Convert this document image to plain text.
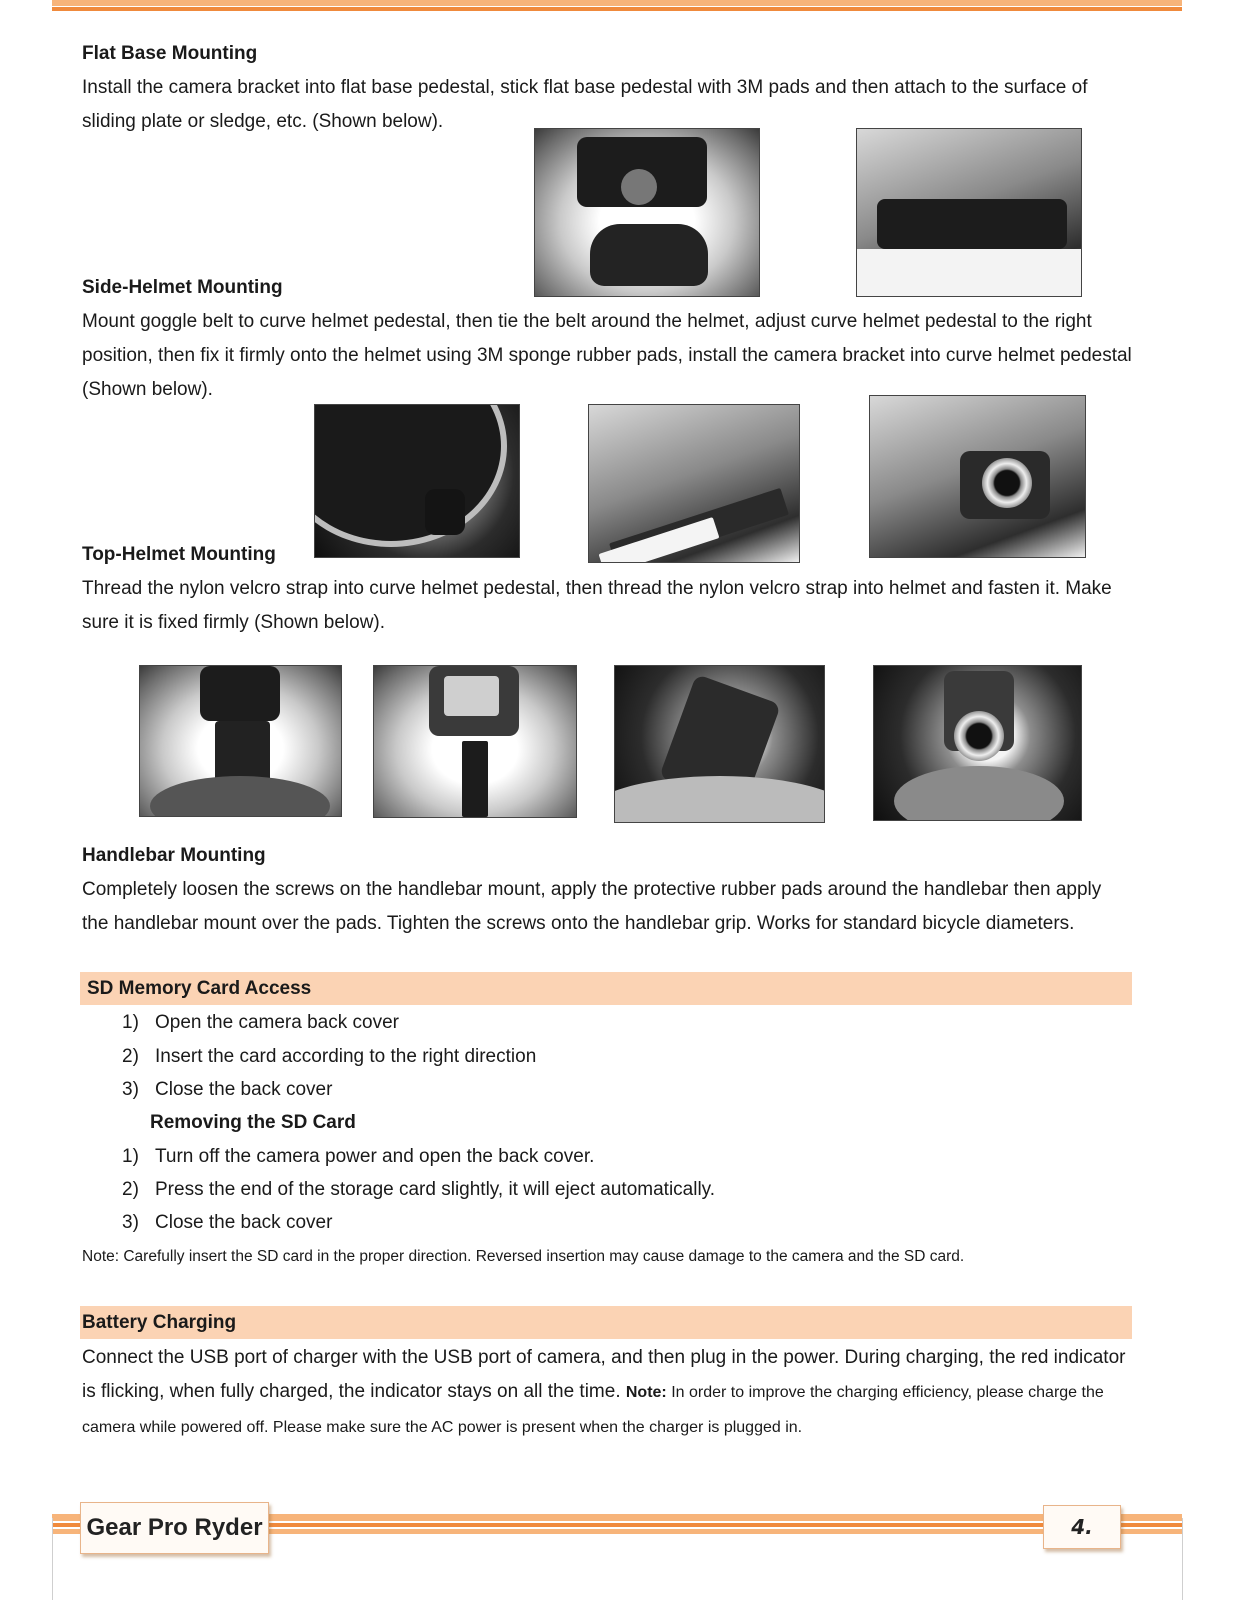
Flat Base Mounting
Install the camera bracket into flat base pedestal, stick flat base pedestal with 3M pads and then attach to the surface of sliding plate or sledge, etc. (Shown below).
Side-Helmet Mounting
Mount goggle belt to curve helmet pedestal, then tie the belt around the helmet, adjust curve helmet pedestal to the right position, then fix it firmly onto the helmet using 3M sponge rubber pads, install the camera bracket into curve helmet pedestal (Shown below).
Top-Helmet Mounting
Thread the nylon velcro strap into curve helmet pedestal, then thread the nylon velcro strap into helmet and fasten it. Make sure it is fixed firmly (Shown below).
Handlebar Mounting
Completely loosen the screws on the handlebar mount, apply the protective rubber pads around the handlebar then apply the handlebar mount over the pads. Tighten the screws onto the handlebar grip. Works for standard bicycle diameters.
SD Memory Card Access
1) Open the camera back cover
2) Insert the card according to the right direction
3) Close the back cover
Removing the SD Card
1) Turn off the camera power and open the back cover.
2) Press the end of the storage card slightly, it will eject automatically.
3) Close the back cover
Note: Carefully insert the SD card in the proper direction. Reversed insertion may cause damage to the camera and the SD card.
Battery Charging
Connect the USB port of charger with the USB port of camera, and then plug in the power. During charging, the red indicator is flicking, when fully charged, the indicator stays on all the time. Note: In order to improve the charging efficiency, please charge the camera while powered off. Please make sure the AC power is present when the charger is plugged in.
Gear Pro Ryder	4.
